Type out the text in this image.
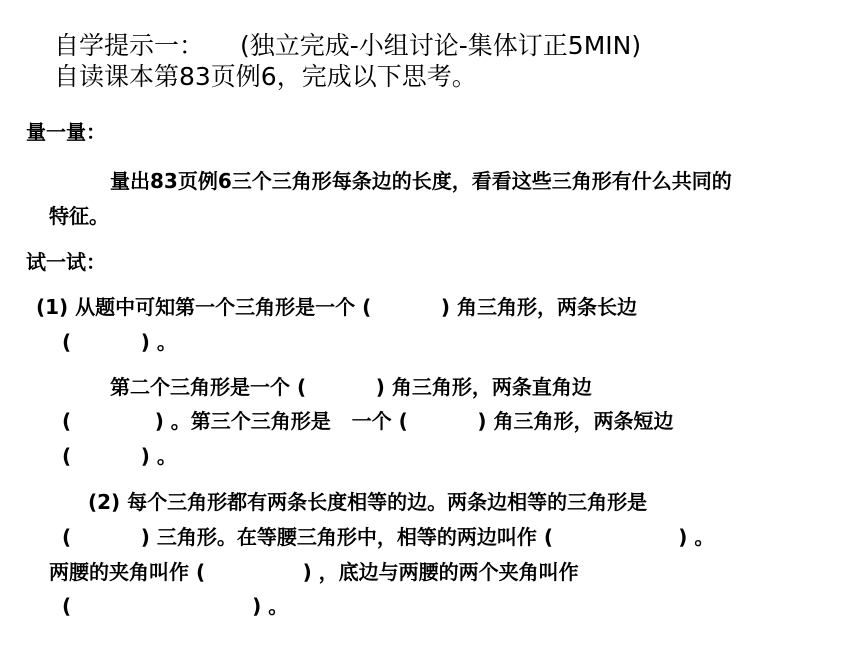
自学提示一： (独立完成-小组讨论-集体订正5MIN)
自读课本第83页例6，完成以下思考。
量一量：
量出83页例6三个三角形每条边的长度，看看这些三角形有什么共同的
特征。
试一试：
(1) 从题中可知第一个三角形是一个 (          ) 角三角形，两条长边
(          ) 。
第二个三角形是一个 (          ) 角三角形，两条直角边
(            ) 。第三个三角形是   一个 (          ) 角三角形，两条短边
(          ) 。
(2) 每个三角形都有两条长度相等的边。两条边相等的三角形是
(          ) 三角形。在等腰三角形中，相等的两边叫作 (                  ) 。
两腰的夹角叫作 (              ) ，底边与两腰的两个夹角叫作
(                          ) 。
